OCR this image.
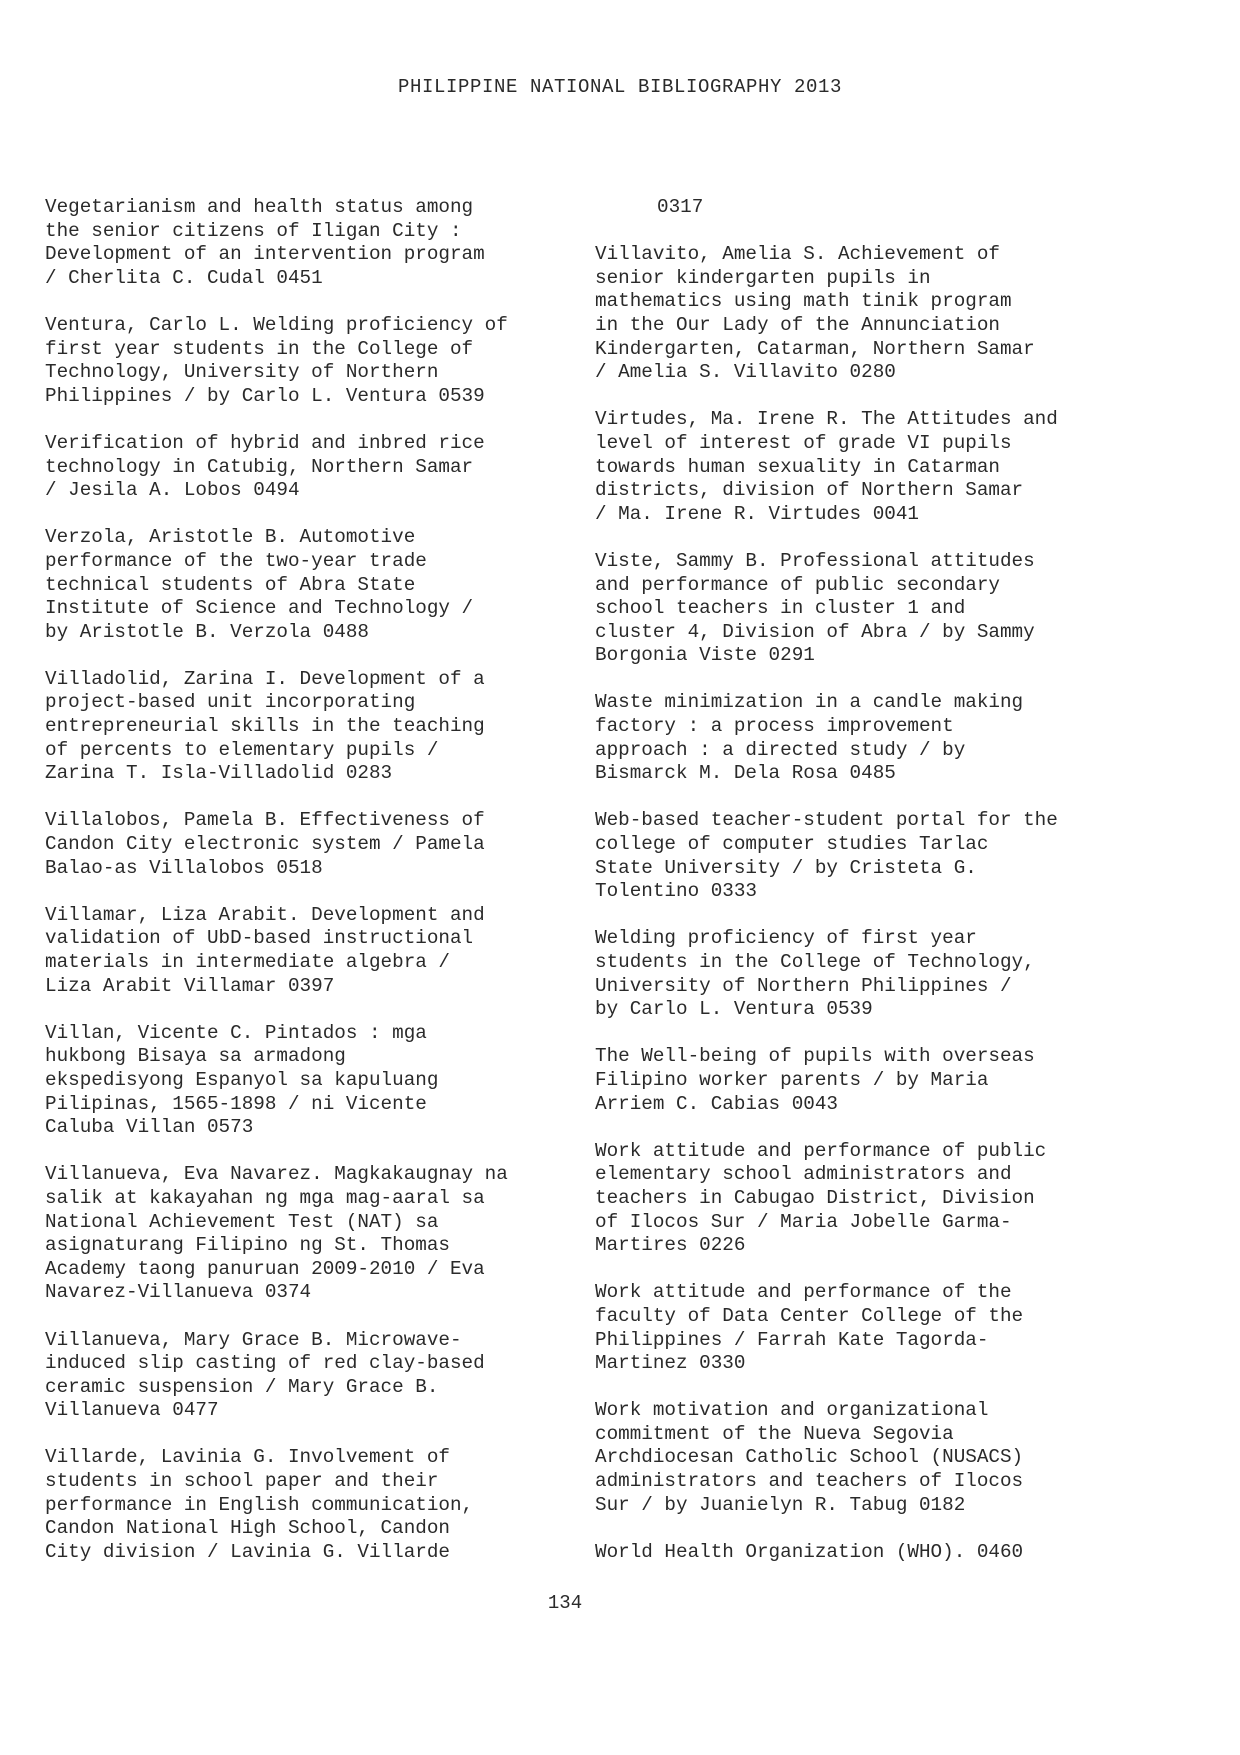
PHILIPPINE NATIONAL BIBLIOGRAPHY 2013
Vegetarianism and health status among
the senior citizens of Iligan City :
Development of an intervention program
/ Cherlita C. Cudal 0451
Ventura, Carlo L. Welding proficiency of
first year students in the College of
Technology, University of Northern
Philippines / by Carlo L. Ventura 0539
Verification of hybrid and inbred rice
technology in Catubig, Northern Samar
/ Jesila A. Lobos 0494
Verzola, Aristotle B. Automotive
performance of the two-year trade
technical students of Abra State
Institute of Science and Technology /
by Aristotle B. Verzola 0488
Villadolid, Zarina I. Development of a
project-based unit incorporating
entrepreneurial skills in the teaching
of percents to elementary pupils /
Zarina T. Isla-Villadolid 0283
Villalobos, Pamela B. Effectiveness of
Candon City electronic system / Pamela
Balao-as Villalobos 0518
Villamar, Liza Arabit. Development and
validation of UbD-based instructional
materials in intermediate algebra /
Liza Arabit Villamar 0397
Villan, Vicente C. Pintados : mga
hukbong Bisaya sa armadong
ekspedisyong Espanyol sa kapuluang
Pilipinas, 1565-1898 / ni Vicente
Caluba Villan 0573
Villanueva, Eva Navarez. Magkakaugnay na
salik at kakayahan ng mga mag-aaral sa
National Achievement Test (NAT) sa
asignaturang Filipino ng St. Thomas
Academy taong panuruan 2009-2010 / Eva
Navarez-Villanueva 0374
Villanueva, Mary Grace B. Microwave-
induced slip casting of red clay-based
ceramic suspension / Mary Grace B.
Villanueva 0477
Villarde, Lavinia G. Involvement of
students in school paper and their
performance in English communication,
Candon National High School, Candon
City division / Lavinia G. Villarde
0317
Villavito, Amelia S. Achievement of
senior kindergarten pupils in
mathematics using math tinik program
in the Our Lady of the Annunciation
Kindergarten, Catarman, Northern Samar
/ Amelia S. Villavito 0280
Virtudes, Ma. Irene R. The Attitudes and
level of interest of grade VI pupils
towards human sexuality in Catarman
districts, division of Northern Samar
/ Ma. Irene R. Virtudes 0041
Viste, Sammy B. Professional attitudes
and performance of public secondary
school teachers in cluster 1 and
cluster 4, Division of Abra / by Sammy
Borgonia Viste 0291
Waste minimization in a candle making
factory : a process improvement
approach : a directed study / by
Bismarck M. Dela Rosa 0485
Web-based teacher-student portal for the
college of computer studies Tarlac
State University / by Cristeta G.
Tolentino 0333
Welding proficiency of first year
students in the College of Technology,
University of Northern Philippines /
by Carlo L. Ventura 0539
The Well-being of pupils with overseas
Filipino worker parents / by Maria
Arriem C. Cabias 0043
Work attitude and performance of public
elementary school administrators and
teachers in Cabugao District, Division
of Ilocos Sur / Maria Jobelle Garma-
Martires 0226
Work attitude and performance of the
faculty of Data Center College of the
Philippines / Farrah Kate Tagorda-
Martinez 0330
Work motivation and organizational
commitment of the Nueva Segovia
Archdiocesan Catholic School (NUSACS)
administrators and teachers of Ilocos
Sur / by Juanielyn R. Tabug 0182
World Health Organization (WHO). 0460
134
